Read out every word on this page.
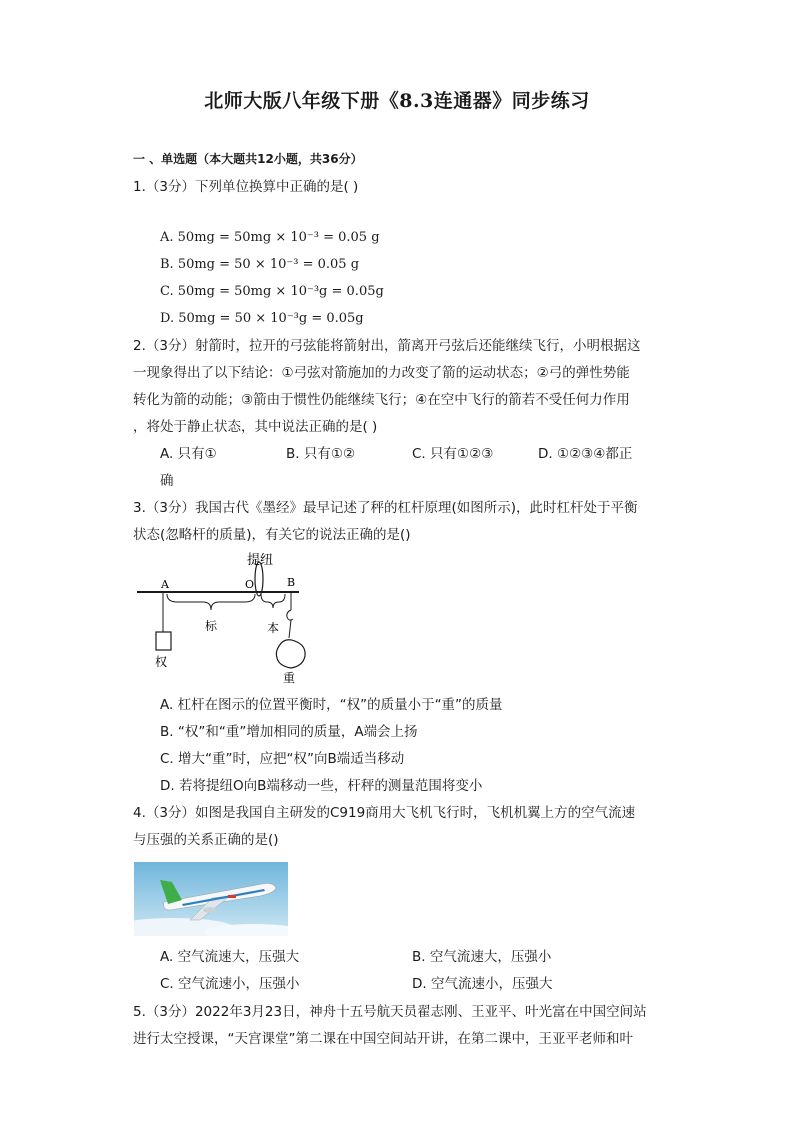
北师大版八年级下册《8.3连通器》同步练习
一 、单选题（本大题共12小题，共36分）
1.（3分）下列单位换算中正确的是( )
A. 50mg = 50mg × 10⁻³ = 0.05 g
B. 50mg = 50 × 10⁻³ = 0.05 g
C. 50mg = 50mg × 10⁻³g = 0.05g
D. 50mg = 50 × 10⁻³g = 0.05g
2.（3分）射箭时，拉开的弓弦能将箭射出，箭离开弓弦后还能继续飞行，小明根据这
一现象得出了以下结论：①弓弦对箭施加的力改变了箭的运动状态；②弓的弹性势能
转化为箭的动能；③箭由于惯性仍能继续飞行；④在空中飞行的箭若不受任何力作用
，将处于静止状态，其中说法正确的是( )
A. 只有①	B. 只有①②	C. 只有①②③	D. ①②③④都正
确
3.（3分）我国古代《墨经》最早记述了秤的杠杆原理(如图所示)，此时杠杆处于平衡
状态(忽略杆的质量)，有关它的说法正确的是()
提纽
A	O	B
标	本
权
重
A. 杠杆在图示的位置平衡时，“权”的质量小于“重”的质量
B. “权”和“重”增加相同的质量，A端会上扬
C. 增大“重”时，应把“权”向B端适当移动
D. 若将提纽O向B端移动一些，杆秤的测量范围将变小
4.（3分）如图是我国自主研发的C919商用大飞机飞行时，飞机机翼上方的空气流速
与压强的关系正确的是()
A. 空气流速大，压强大	B. 空气流速大，压强小
C. 空气流速小，压强小	D. 空气流速小，压强大
5.（3分）2022年3月23日，神舟十五号航天员翟志刚、王亚平、叶光富在中国空间站
进行太空授课，“天宫课堂”第二课在中国空间站开讲，在第二课中，王亚平老师和叶
